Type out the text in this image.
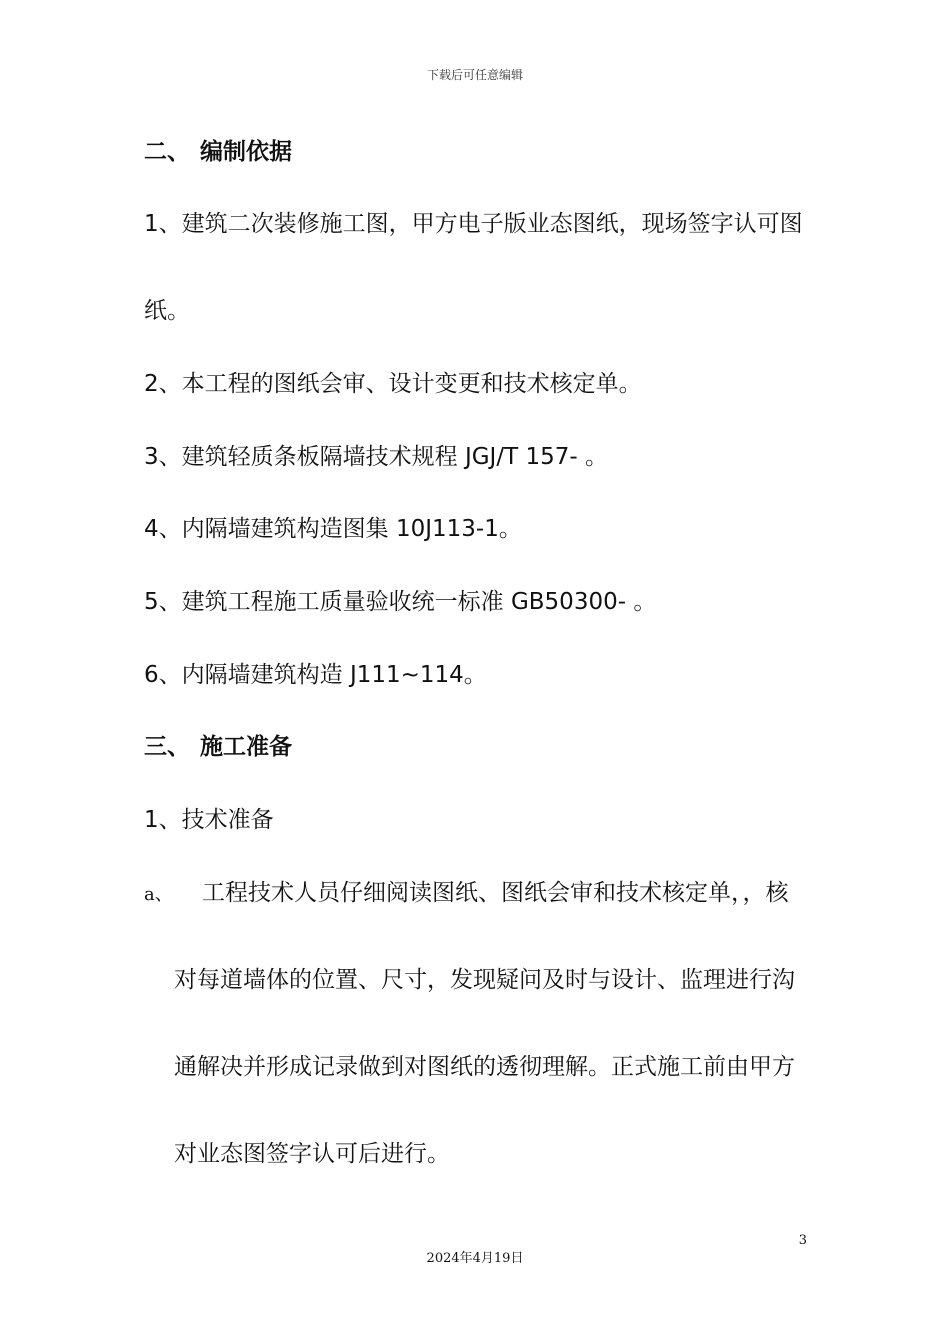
下载后可任意编辑
二、 编制依据
1、建筑二次装修施工图，甲方电子版业态图纸，现场签字认可图
纸。
2、本工程的图纸会审、设计变更和技术核定单。
3、建筑轻质条板隔墙技术规程 JGJ/T 157- 。
4、内隔墙建筑构造图集 10J113-1。
5、建筑工程施工质量验收统一标准 GB50300- 。
6、内隔墙建筑构造 J111~114。
三、 施工准备
1、技术准备
a、 工程技术人员仔细阅读图纸、图纸会审和技术核定单，，核
对每道墙体的位置、尺寸，发现疑问及时与设计、监理进行沟
通解决并形成记录做到对图纸的透彻理解。正式施工前由甲方
对业态图签字认可后进行。
3
2024年4月19日
